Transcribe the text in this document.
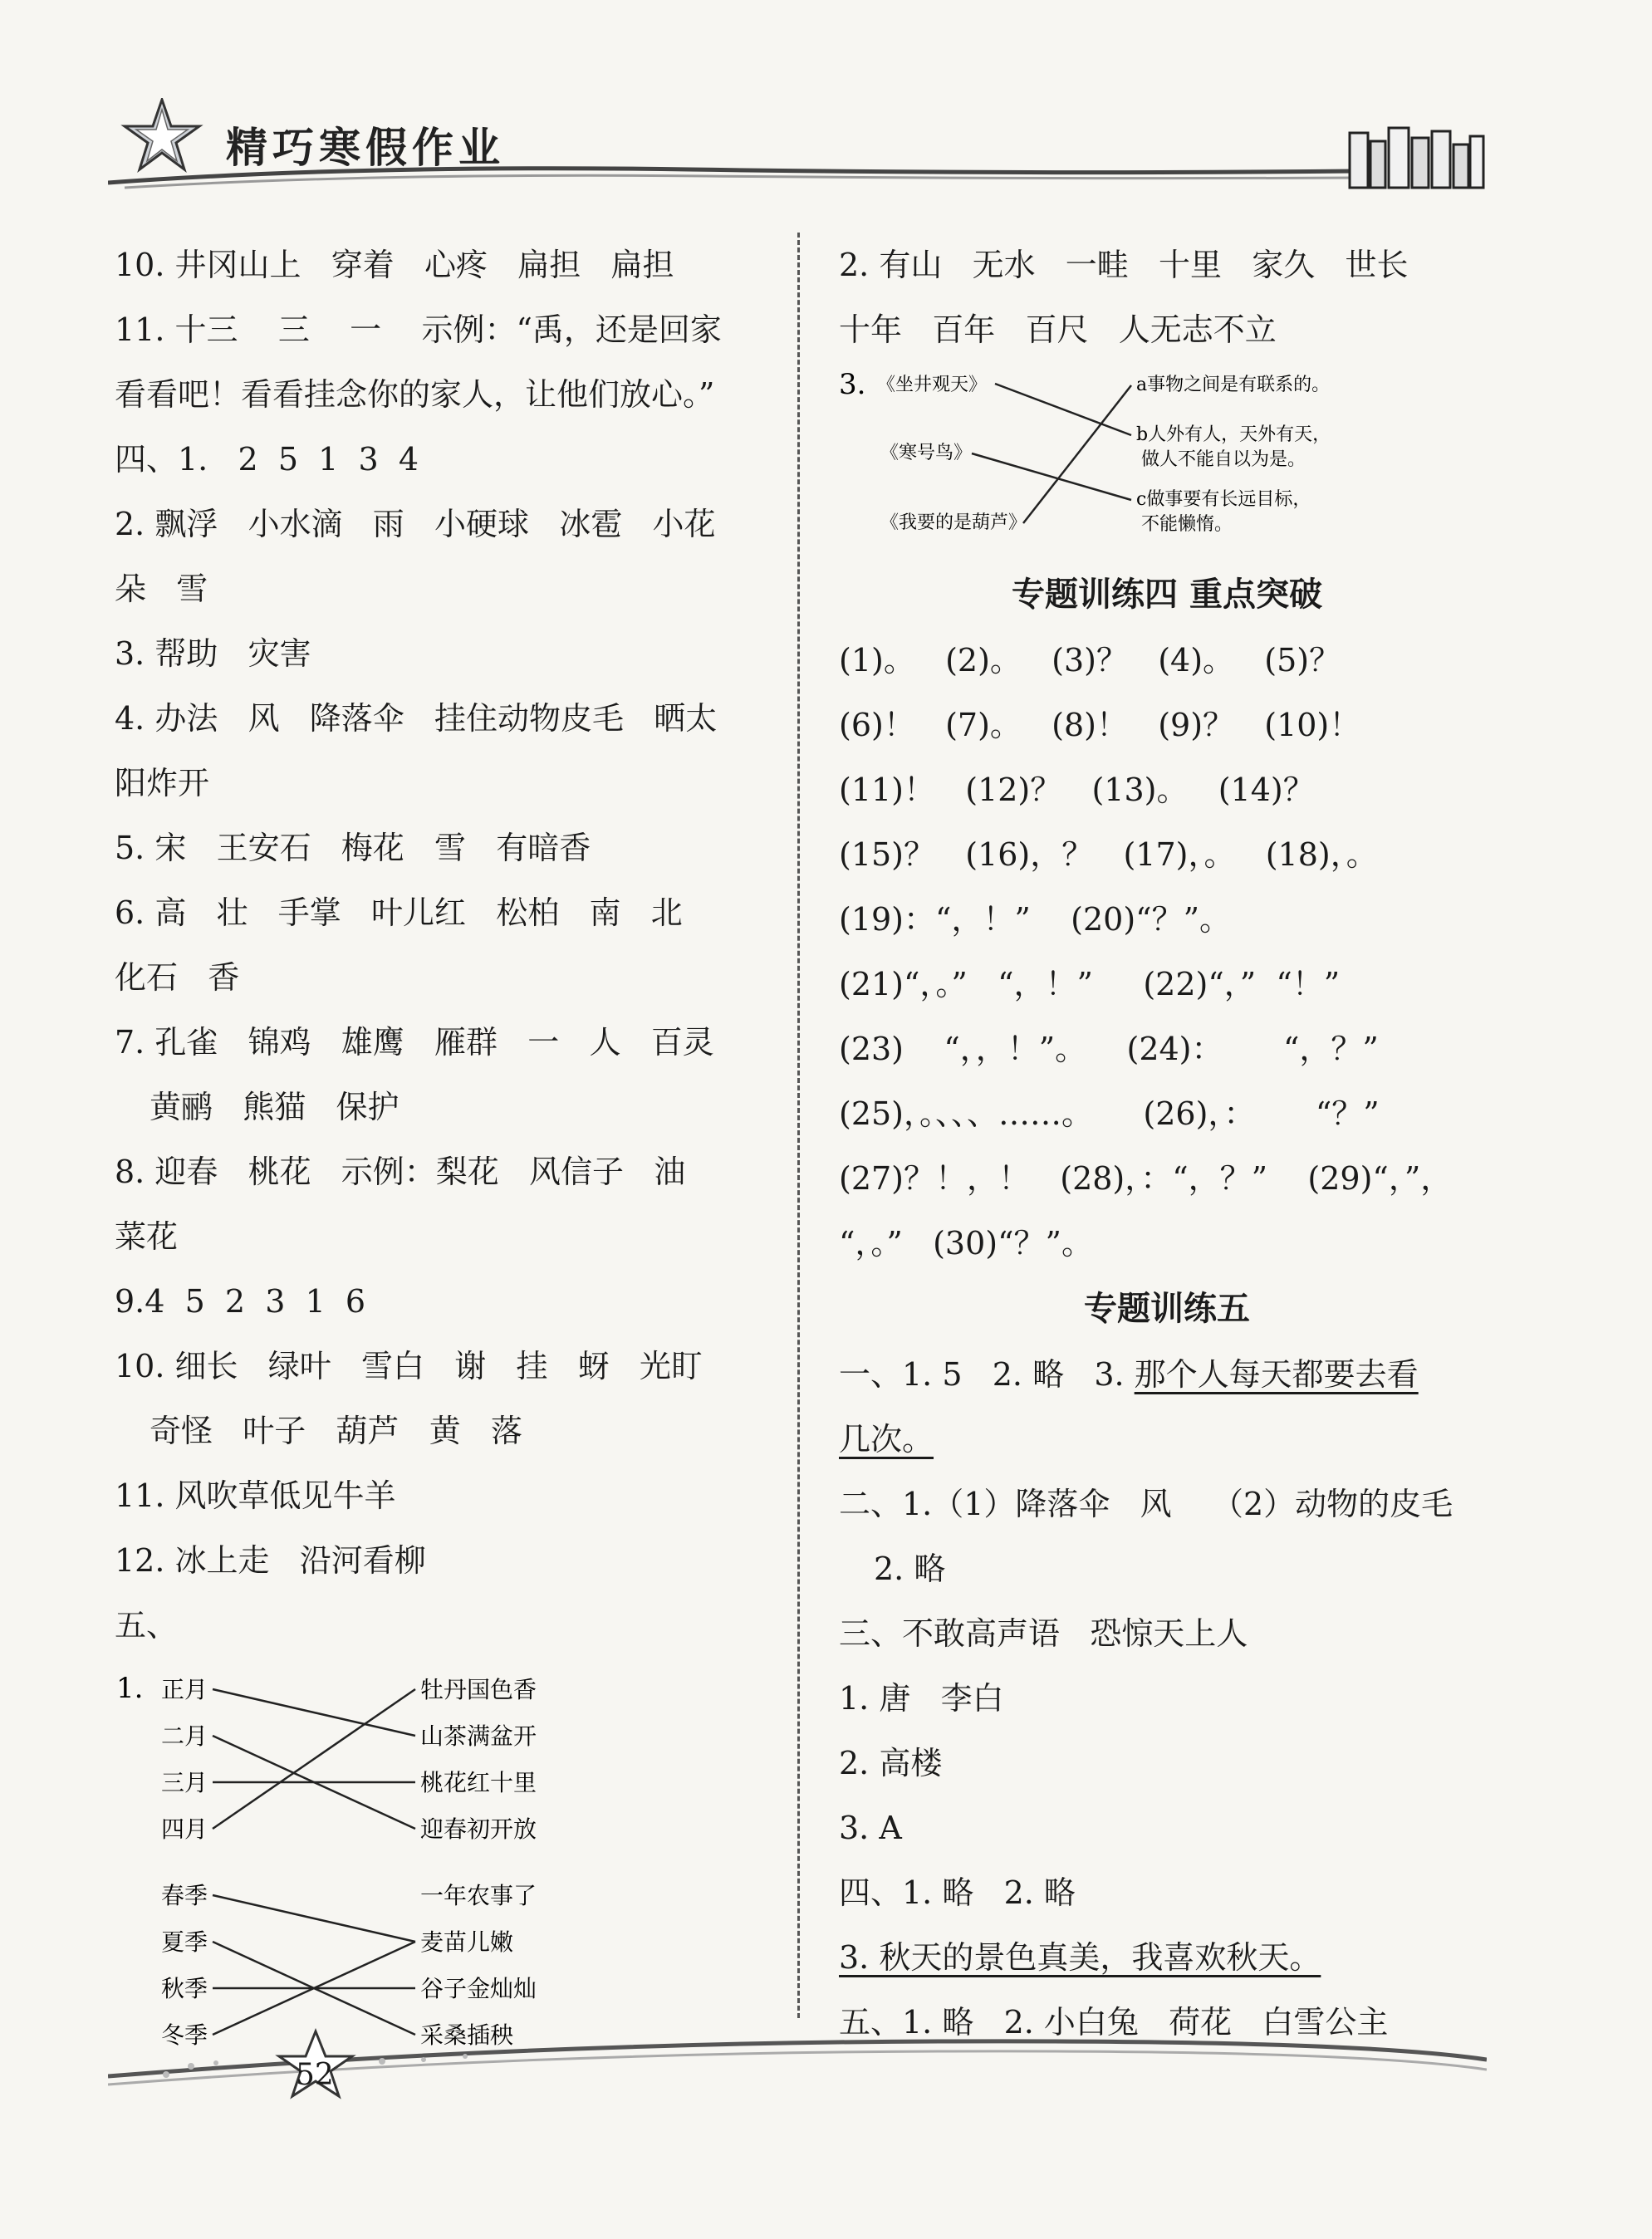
精巧寒假作业
10. 井冈山上   穿着   心疼   扁担   扁担
11. 十三    三    一    示例：“禹，还是回家
看看吧！看看挂念你的家人，让他们放心。”
四、1.   2  5  1  3  4
2. 飘浮   小水滴   雨   小硬球   冰雹   小花
朵   雪
3. 帮助   灾害
4. 办法   风   降落伞   挂住动物皮毛   晒太
阳炸开
5. 宋   王安石   梅花   雪   有暗香
6. 高   壮   手掌   叶儿红   松柏   南   北
化石   香
7. 孔雀   锦鸡   雄鹰   雁群   一   人   百灵
黄鹂   熊猫   保护
8. 迎春   桃花   示例：梨花   风信子   油
菜花
9.4  5  2  3  1  6
10. 细长   绿叶   雪白   谢   挂   蚜   光盯
奇怪   叶子   葫芦   黄   落
11. 风吹草低见牛羊
12. 冰上走   沿河看柳
五、
1. 正月
二月
三月
四月
牡丹国色香
山茶满盆开
桃花红十里
迎春初开放
春季
夏季
秋季
冬季
一年农事了
麦苗儿嫩
谷子金灿灿
采桑插秧
2. 有山   无水   一畦   十里   家久   世长
十年   百年   百尺   人无志不立
专题训练四 重点突破
(1)。   (2)。   (3)？   (4)。   (5)？
(6)！   (7)。   (8)！   (9)？   (10)！
(11)！   (12)？   (13)。   (14)？
(15)？   (16)，？   (17)，。   (18)，。
(19)：“，！”    (20)“？”。
(21)“，。”   “，！”     (22)“，”  “！”
(23)    “，，！”。    (24)：      “，？”
(25)，。、、、……。     (26)，：      “？”
(27)？！，！   (28)，：“，？”    (29)“，”，
“，。”   (30)“？”。
专题训练五
一、1. 5   2. 略   3. 那个人每天都要去看
几次。
二、1.（1）降落伞   风    （2）动物的皮毛
2. 略
三、不敢高声语   恐惊天上人
1. 唐   李白
2. 高楼
3. A
四、1. 略   2. 略
3. 秋天的景色真美，我喜欢秋天。
五、1. 略   2. 小白兔   荷花   白雪公主
3. 《坐井观天》
《寒号鸟》
《我要的是葫芦》
a事物之间是有联系的。
b人外有人，天外有天，
做人不能自以为是。
c做事要有长远目标，
不能懒惰。
52
